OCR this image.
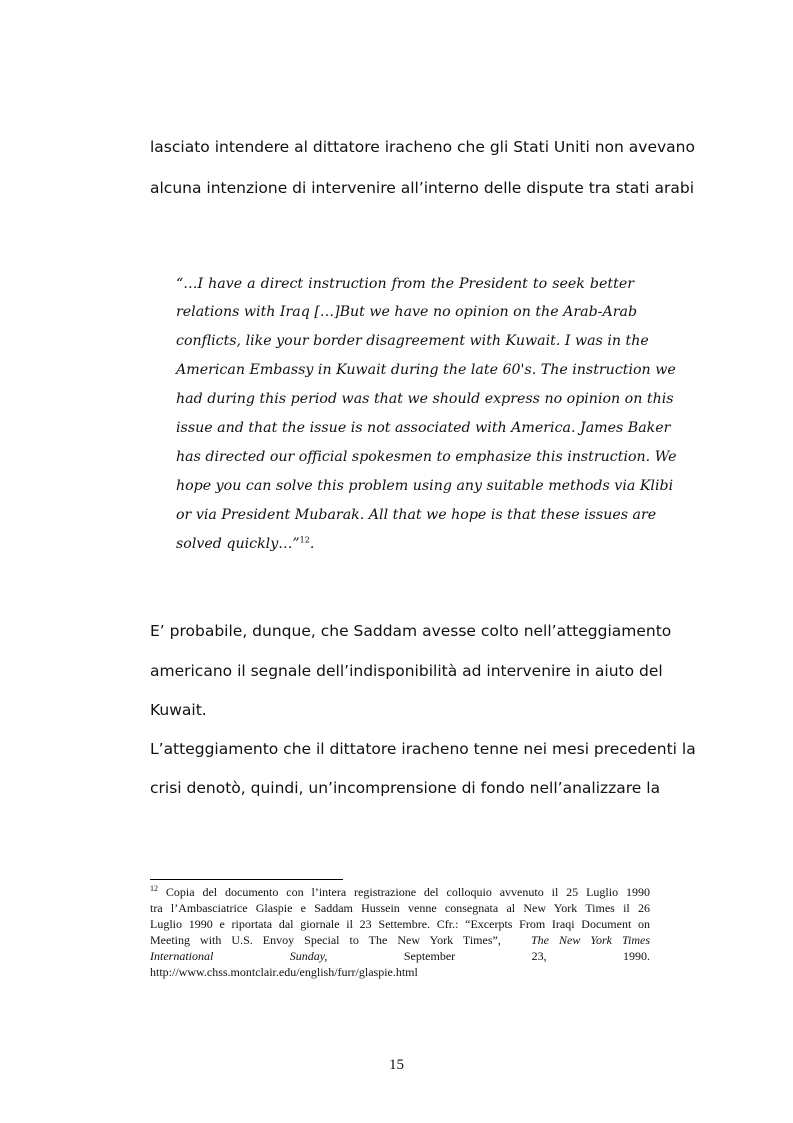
lasciato intendere al dittatore iracheno che gli Stati Uniti non avevano
alcuna intenzione di intervenire all’interno delle dispute tra stati arabi
“…I have a direct instruction from the President to seek better
relations with Iraq […]But we have no opinion on the Arab-Arab
conflicts, like your border disagreement with Kuwait. I was in the
American Embassy in Kuwait during the late 60's. The instruction we
had during this period was that we should express no opinion on this
issue and that the issue is not associated with America. James Baker
has directed our official spokesmen to emphasize this instruction. We
hope you can solve this problem using any suitable methods via Klibi
or via President Mubarak. All that we hope is that these issues are
solved quickly…”$^{12}$.
E’ probabile, dunque, che Saddam avesse colto nell’atteggiamento
americano il segnale dell’indisponibilità ad intervenire in aiuto del
Kuwait.
L’atteggiamento che il dittatore iracheno tenne nei mesi precedenti la
crisi denotò, quindi, un’incomprensione di fondo nell’analizzare la
$^{12}$ Copia del documento con l’intera registrazione del colloquio avvenuto il 25 Luglio 1990
tra l’Ambasciatrice Glaspie e Saddam Hussein venne consegnata al New York Times il 26
Luglio 1990 e riportata dal giornale il 23 Settembre. Cfr.: “Excerpts From Iraqi Document on
Meeting with U.S. Envoy Special to The New York Times”,	The New York Times
International	Sunday,	September	23,	1990.
http://www.chss.montclair.edu/english/furr/glaspie.html
15
